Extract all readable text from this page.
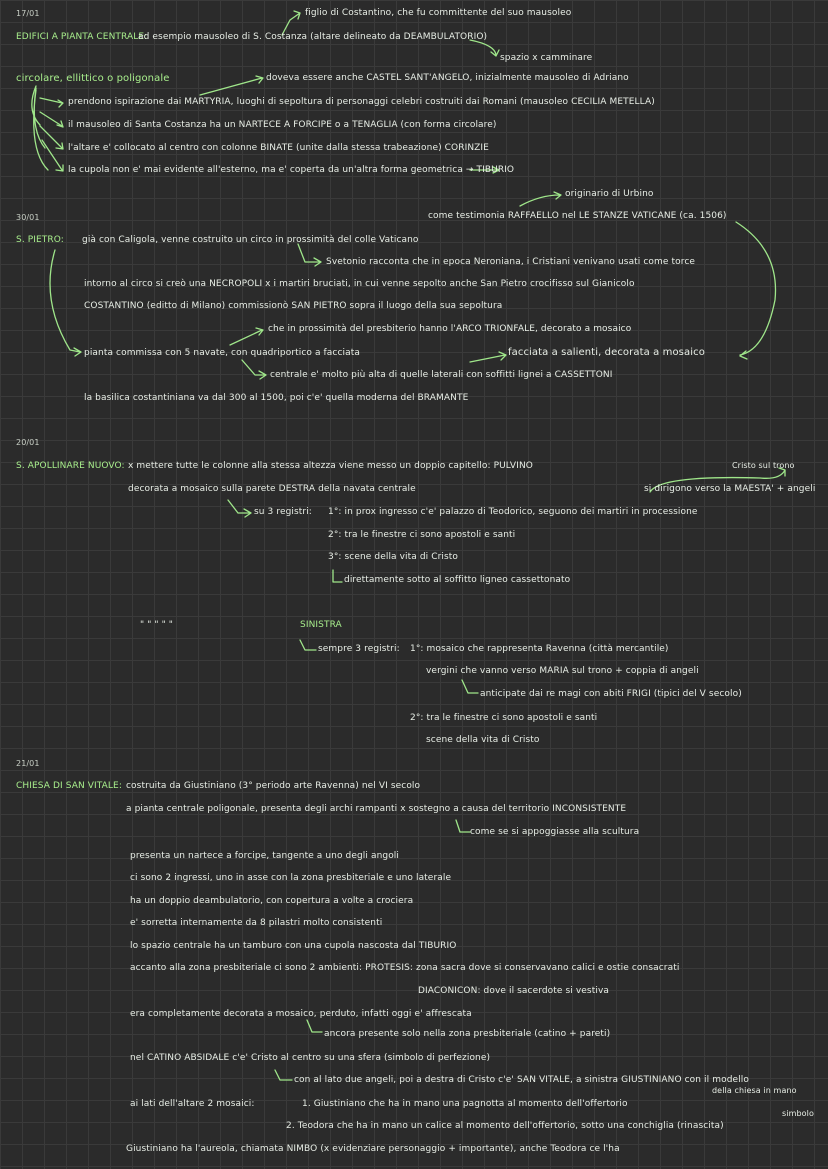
17/01	figlio di Costantino, che fu committente del suo mausoleo
EDIFICI A PIANTA CENTRALE:
ad esempio mausoleo di S. Costanza (altare delineato da DEAMBULATORIO)
spazio x camminare
circolare, ellittico o poligonale	doveva essere anche CASTEL SANT'ANGELO, inizialmente mausoleo di Adriano
prendono ispirazione dai MARTYRIA, luoghi di sepoltura di personaggi celebri costruiti dai Romani (mausoleo CECILIA METELLA)
il mausoleo di Santa Costanza ha un NARTECE A FORCIPE o a TENAGLIA (con forma circolare)
l'altare e' collocato al centro con colonne BINATE (unite dalla stessa trabeazione) CORINZIE
la cupola non e' mai evidente all'esterno, ma e' coperta da un'altra forma geometrica → TIBURIO
originario di Urbino
come testimonia RAFFAELLO nel LE STANZE VATICANE (ca. 1506)
30/01
S. PIETRO: già con Caligola, venne costruito un circo in prossimità del colle Vaticano
Svetonio racconta che in epoca Neroniana, i Cristiani venivano usati come torce
intorno al circo si creò una NECROPOLI x i martiri bruciati, in cui venne sepolto anche San Pietro crocifisso sul Gianicolo
COSTANTINO (editto di Milano) commissionò SAN PIETRO sopra il luogo della sua sepoltura
che in prossimità del presbiterio hanno l'ARCO TRIONFALE, decorato a mosaico
pianta commissa con 5 navate, con quadriportico a facciata	facciata a salienti, decorata a mosaico
centrale e' molto più alta di quelle laterali con soffitti lignei a CASSETTONI
la basilica costantiniana va dal 300 al 1500, poi c'e' quella moderna del BRAMANTE
20/01
S. APOLLINARE NUOVO: x mettere tutte le colonne alla stessa altezza viene messo un doppio capitello: PULVINO	Cristo sul trono
decorata a mosaico sulla parete DESTRA della navata centrale	si dirigono verso la MAESTA' + angeli
su 3 registri: 1°: in prox ingresso c'e' palazzo di Teodorico, seguono dei martiri in processione
2°: tra le finestre ci sono apostoli e santi
3°: scene della vita di Cristo
direttamente sotto al soffitto ligneo cassettonato
" " " " "	SINISTRA
sempre 3 registri: 1°: mosaico che rappresenta Ravenna (città mercantile)
vergini che vanno verso MARIA sul trono + coppia di angeli
anticipate dai re magi con abiti FRIGI (tipici del V secolo)
2°: tra le finestre ci sono apostoli e santi
scene della vita di Cristo
21/01
CHIESA DI SAN VITALE: costruita da Giustiniano (3° periodo arte Ravenna) nel VI secolo
a pianta centrale poligonale, presenta degli archi rampanti x sostegno a causa del territorio INCONSISTENTE
come se si appoggiasse alla scultura
presenta un nartece a forcipe, tangente a uno degli angoli
ci sono 2 ingressi, uno in asse con la zona presbiteriale e uno laterale
ha un doppio deambulatorio, con copertura a volte a crociera
e' sorretta internamente da 8 pilastri molto consistenti
lo spazio centrale ha un tamburo con una cupola nascosta dal TIBURIO
accanto alla zona presbiteriale ci sono 2 ambienti: PROTESIS: zona sacra dove si conservavano calici e ostie consacrati
DIACONICON: dove il sacerdote si vestiva
era completamente decorata a mosaico, perduto, infatti oggi e' affrescata
ancora presente solo nella zona presbiteriale (catino + pareti)
nel CATINO ABSIDALE c'e' Cristo al centro su una sfera (simbolo di perfezione)
con al lato due angeli, poi a destra di Cristo c'e' SAN VITALE, a sinistra GIUSTINIANO con il modello
della chiesa in mano
ai lati dell'altare 2 mosaici:	1. Giustiniano che ha in mano una pagnotta al momento dell'offertorio
simbolo
2. Teodora che ha in mano un calice al momento dell'offertorio, sotto una conchiglia (rinascita)
Giustiniano ha l'aureola, chiamata NIMBO (x evidenziare personaggio + importante), anche Teodora ce l'ha
